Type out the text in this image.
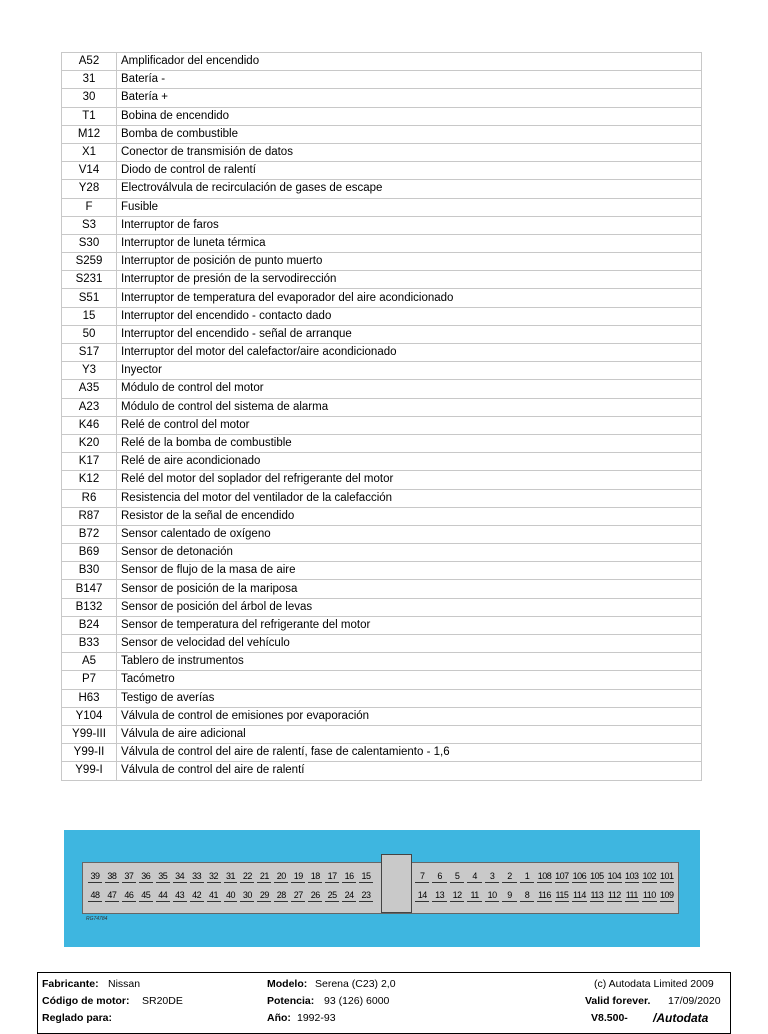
A52	Amplificador del encendido
31	Batería -
30	Batería +
T1	Bobina de encendido
M12	Bomba de combustible
X1	Conector de transmisión de datos
V14	Diodo de control de ralentí
Y28	Electroválvula de recirculación de gases de escape
F	Fusible
S3	Interruptor de faros
S30	Interruptor de luneta térmica
S259	Interruptor de posición de punto muerto
S231	Interruptor de presión de la servodirección
S51	Interruptor de temperatura del evaporador del aire acondicionado
15	Interruptor del encendido - contacto dado
50	Interruptor del encendido - señal de arranque
S17	Interruptor del motor del calefactor/aire acondicionado
Y3	Inyector
A35	Módulo de control del motor
A23	Módulo de control del sistema de alarma
K46	Relé de control del motor
K20	Relé de la bomba de combustible
K17	Relé de aire acondicionado
K12	Relé del motor del soplador del refrigerante del motor
R6	Resistencia del motor del ventilador de la calefacción
R87	Resistor de la señal de encendido
B72	Sensor calentado de oxígeno
B69	Sensor de detonación
B30	Sensor de flujo de la masa de aire
B147	Sensor de posición de la mariposa
B132	Sensor de posición del árbol de levas
B24	Sensor de temperatura del refrigerante del motor
B33	Sensor de velocidad del vehículo
A5	Tablero de instrumentos
P7	Tacómetro
H63	Testigo de averías
Y104	Válvula de control de emisiones por evaporación
Y99-III	Válvula de aire adicional
Y99-II	Válvula de control del aire de ralentí, fase de calentamiento - 1,6
Y99-I	Válvula de control del aire de ralentí
39 38 37 36 35 34 33 32 31 22 21 20 19 18 17 16 15
48 47 46 45 44 43 42 41 40 30 29 28 27 26 25 24 23
7	6	5	4	3	2	1 108 107 106 105 104 103 102 101
14 13 12 11 10	9	8 116 115 114 113 112 111 110 109
RG74784
Fabricante: Nissan
Código de motor: SR20DE
Reglado para:
Modelo: Serena (C23) 2,0
Potencia: 93 (126) 6000
Año: 1992-93
(c) Autodata Limited 2009
Valid forever. 17/09/2020
V8.500- /Autodata
